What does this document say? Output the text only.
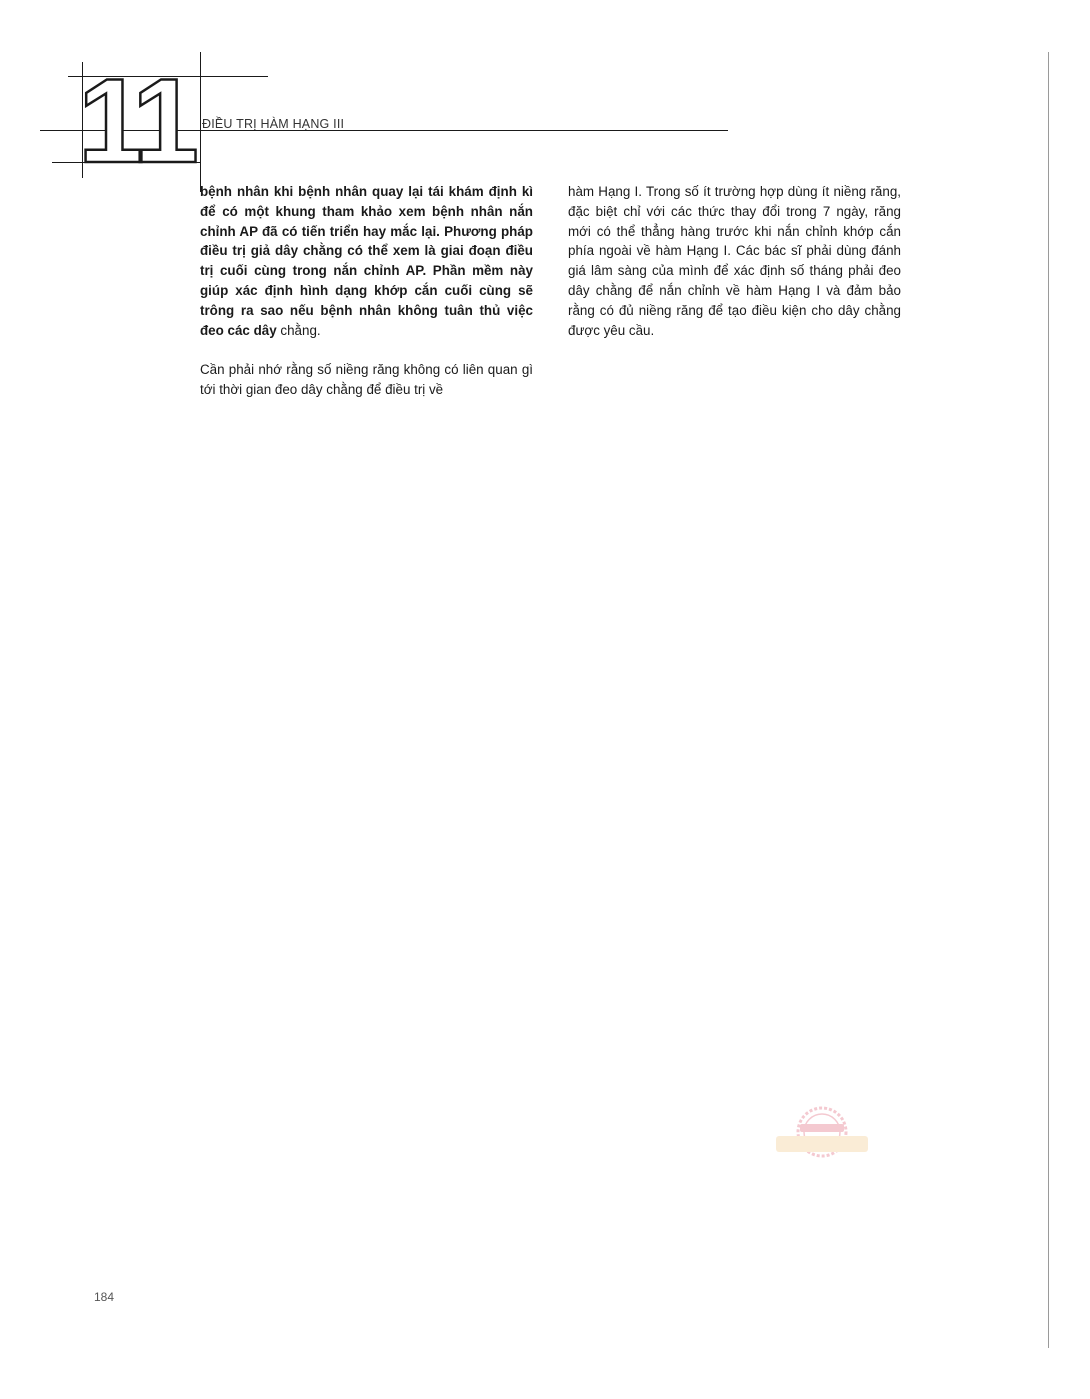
11 ĐIỀU TRỊ HÀM HẠNG III

bệnh nhân khi bệnh nhân quay lại tái khám định kì để có một khung tham khảo xem bệnh nhân nắn chỉnh AP đã có tiến triển hay mắc lại. Phương pháp điều trị giả dây chằng có thể xem là giai đoạn điều trị cuối cùng trong nắn chỉnh AP. Phần mềm này giúp xác định hình dạng khớp cắn cuối cùng sẽ trông ra sao nếu bệnh nhân không tuân thủ việc đeo các dây chằng.

Cần phải nhớ rằng số niềng răng không có liên quan gì tới thời gian đeo dây chằng để điều trị về

hàm Hạng I. Trong số ít trường hợp dùng ít niềng răng, đặc biệt chỉ với các thức thay đổi trong 7 ngày, răng mới có thể thẳng hàng trước khi nắn chỉnh khớp cắn phía ngoài về hàm Hạng I. Các bác sĩ phải dùng đánh giá lâm sàng của mình để xác định số tháng phải đeo dây chằng để nắn chỉnh về hàm Hạng I và đảm bảo rằng có đủ niềng răng để tạo điều kiện cho dây chằng được yêu cầu.

184
